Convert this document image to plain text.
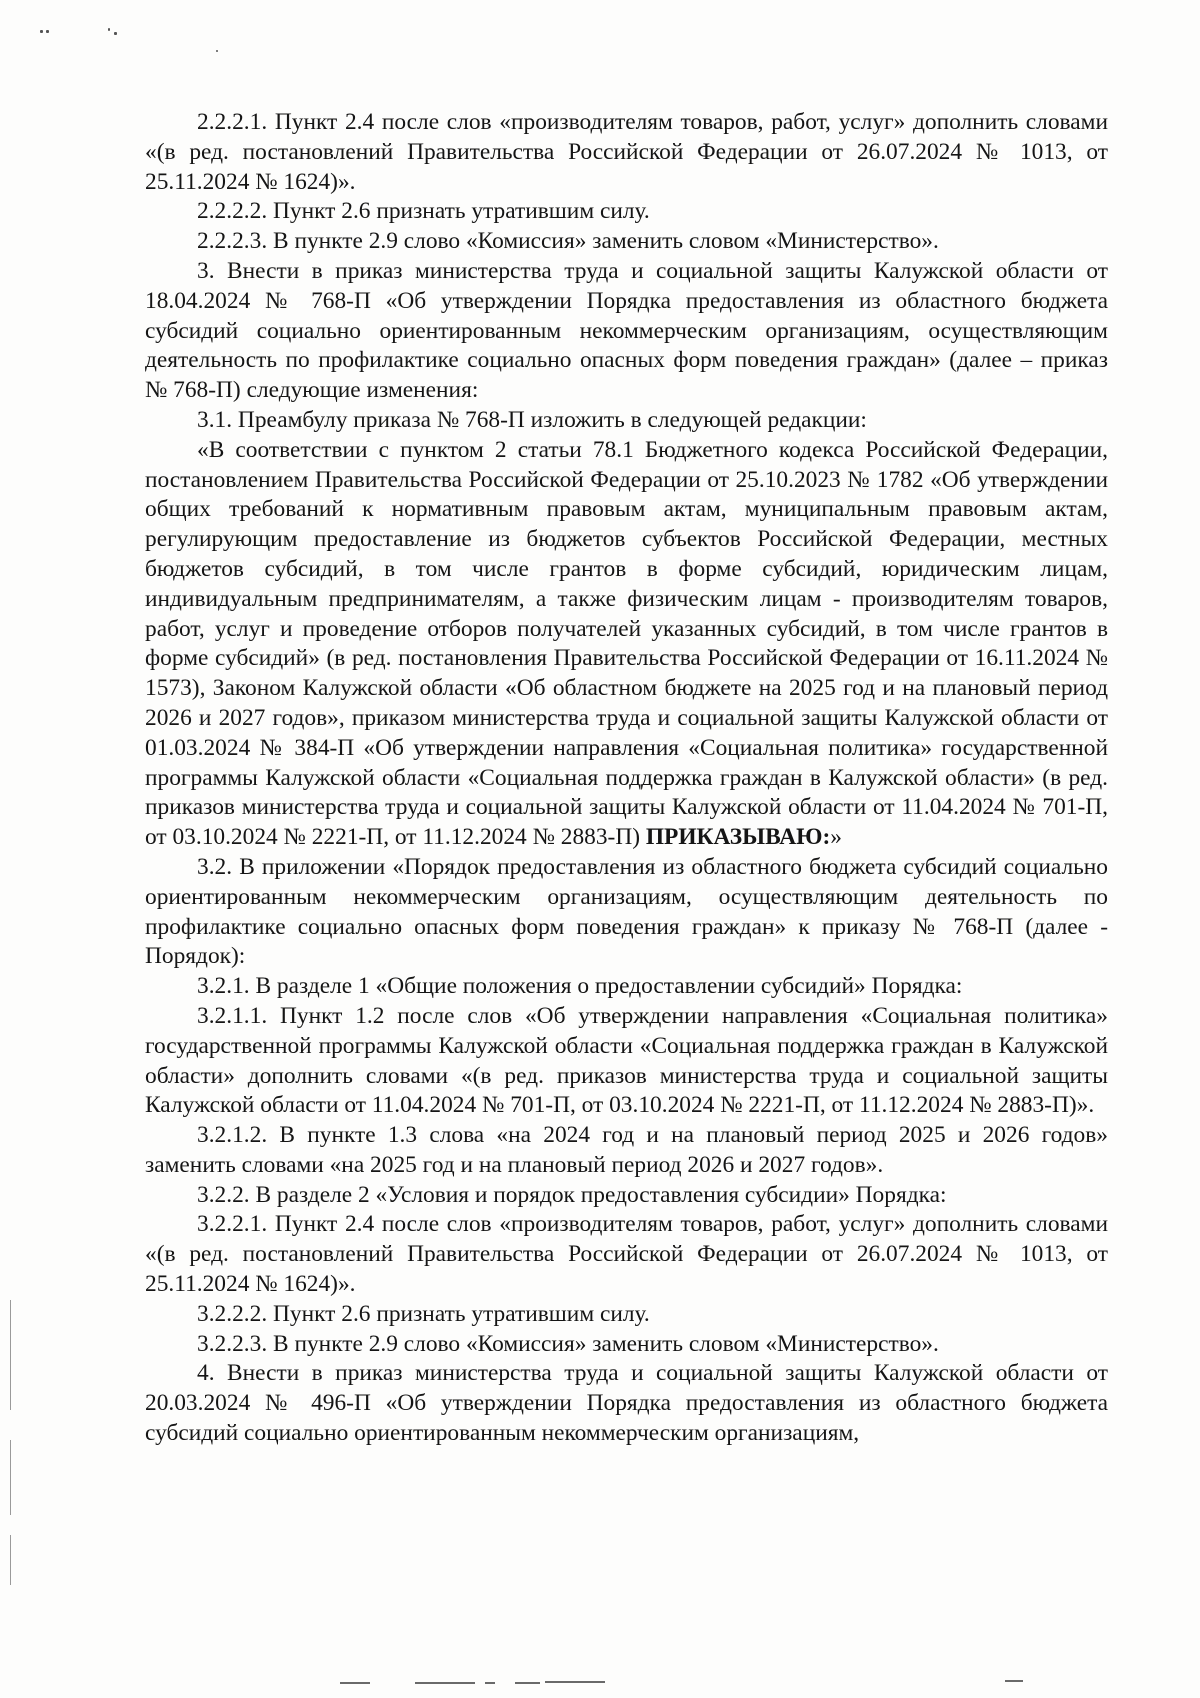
2.2.2.1. Пункт 2.4 после слов «производителям товаров, работ, услуг» дополнить словами «(в ред. постановлений Правительства Российской Федерации от 26.07.2024 № 1013, от 25.11.2024 № 1624)».

2.2.2.2. Пункт 2.6 признать утратившим силу.

2.2.2.3. В пункте 2.9 слово «Комиссия» заменить словом «Министерство».

3. Внести в приказ министерства труда и социальной защиты Калужской области от 18.04.2024 № 768-П «Об утверждении Порядка предоставления из областного бюджета субсидий социально ориентированным некоммерческим организациям, осуществляющим деятельность по профилактике социально опасных форм поведения граждан» (далее – приказ № 768-П) следующие изменения:

3.1. Преамбулу приказа № 768-П изложить в следующей редакции:

«В соответствии с пунктом 2 статьи 78.1 Бюджетного кодекса Российской Федерации, постановлением Правительства Российской Федерации от 25.10.2023 № 1782 «Об утверждении общих требований к нормативным правовым актам, муниципальным правовым актам, регулирующим предоставление из бюджетов субъектов Российской Федерации, местных бюджетов субсидий, в том числе грантов в форме субсидий, юридическим лицам, индивидуальным предпринимателям, а также физическим лицам - производителям товаров, работ, услуг и проведение отборов получателей указанных субсидий, в том числе грантов в форме субсидий» (в ред. постановления Правительства Российской Федерации от 16.11.2024 № 1573), Законом Калужской области «Об областном бюджете на 2025 год и на плановый период 2026 и 2027 годов», приказом министерства труда и социальной защиты Калужской области от 01.03.2024 № 384-П «Об утверждении направления «Социальная политика» государственной программы Калужской области «Социальная поддержка граждан в Калужской области» (в ред. приказов министерства труда и социальной защиты Калужской области от 11.04.2024 № 701-П, от 03.10.2024 № 2221-П, от 11.12.2024 № 2883-П) ПРИКАЗЫВАЮ:»

3.2. В приложении «Порядок предоставления из областного бюджета субсидий социально ориентированным некоммерческим организациям, осуществляющим деятельность по профилактике социально опасных форм поведения граждан» к приказу № 768-П (далее - Порядок):

3.2.1. В разделе 1 «Общие положения о предоставлении субсидий» Порядка:

3.2.1.1. Пункт 1.2 после слов «Об утверждении направления «Социальная политика» государственной программы Калужской области «Социальная поддержка граждан в Калужской области» дополнить словами «(в ред. приказов министерства труда и социальной защиты Калужской области от 11.04.2024 № 701-П, от 03.10.2024 № 2221-П, от 11.12.2024 № 2883-П)».

3.2.1.2. В пункте 1.3 слова «на 2024 год и на плановый период 2025 и 2026 годов» заменить словами «на 2025 год и на плановый период 2026 и 2027 годов».

3.2.2. В разделе 2 «Условия и порядок предоставления субсидии» Порядка:

3.2.2.1. Пункт 2.4 после слов «производителям товаров, работ, услуг» дополнить словами «(в ред. постановлений Правительства Российской Федерации от 26.07.2024 № 1013, от 25.11.2024 № 1624)».

3.2.2.2. Пункт 2.6 признать утратившим силу.

3.2.2.3. В пункте 2.9 слово «Комиссия» заменить словом «Министерство».

4. Внести в приказ министерства труда и социальной защиты Калужской области от 20.03.2024 № 496-П «Об утверждении Порядка предоставления из областного бюджета субсидий социально ориентированным некоммерческим организациям,
